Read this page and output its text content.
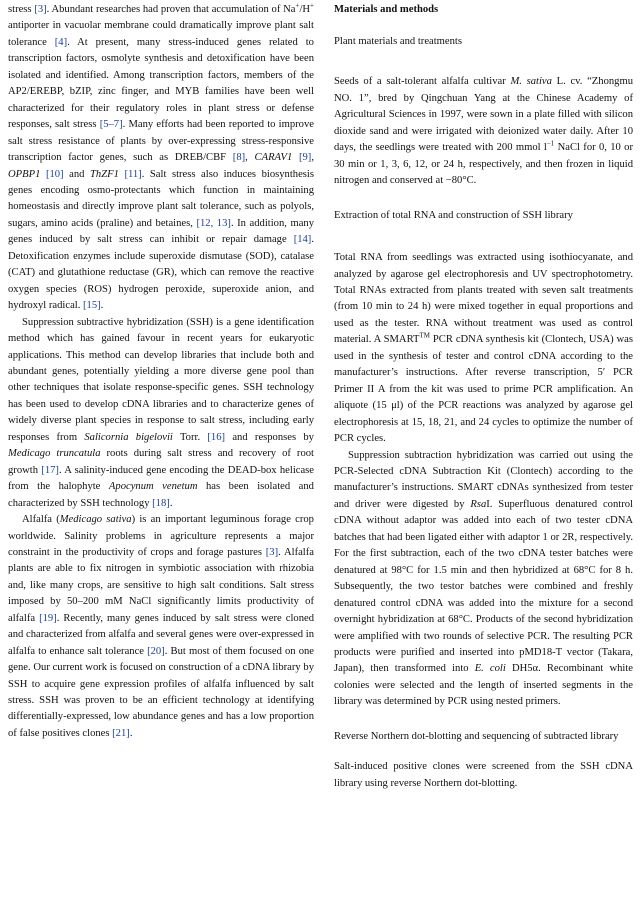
stress [3]. Abundant researches had proven that accumulation of Na+/H+ antiporter in vacuolar membrane could dramatically improve plant salt tolerance [4]. At present, many stress-induced genes related to transcription factors, osmolyte synthesis and detoxification have been isolated and identified. Among transcription factors, members of the AP2/EREBP, bZIP, zinc finger, and MYB families have been well characterized for their regulatory roles in plant stress or defense responses, salt stress [5–7]. Many efforts had been reported to improve salt stress resistance of plants by over-expressing stress-responsive transcription factor genes, such as DREB/CBF [8], CARAV1 [9], OPBP1 [10] and ThZF1 [11]. Salt stress also induces biosynthesis genes encoding osmo-protectants which function in maintaining homeostasis and directly improve plant salt tolerance, such as polyols, sugars, amino acids (praline) and betaines, [12, 13]. In addition, many genes induced by salt stress can inhibit or repair damage [14]. Detoxification enzymes include superoxide dismutase (SOD), catalase (CAT) and glutathione reductase (GR), which can remove the reactive oxygen species (ROS) hydrogen peroxide, superoxide anion, and hydroxyl radical. [15].

Suppression subtractive hybridization (SSH) is a gene identification method which has gained favour in recent years for eukaryotic applications. This method can develop libraries that include both and abundant genes, potentially yielding a more diverse gene pool than other techniques that isolate response-specific genes. SSH technology has been used to develop cDNA libraries and to characterize genes of widely diverse plant species in response to salt stress, including early responses from Salicornia bigelovii Torr. [16] and responses by Medicago truncatula roots during salt stress and recovery of root growth [17]. A salinity-induced gene encoding the DEAD-box helicase from the halophyte Apocynum venetum has been isolated and characterized by SSH technology [18].

Alfalfa (Medicago sativa) is an important leguminous forage crop worldwide. Salinity problems in agriculture represents a major constraint in the productivity of crops and forage pastures [3]. Alfalfa plants are able to fix nitrogen in symbiotic association with rhizobia and, like many crops, are sensitive to high salt conditions. Salt stress imposed by 50–200 mM NaCl significantly limits productivity of alfalfa [19]. Recently, many genes induced by salt stress were cloned and characterized from alfalfa and several genes were over-expressed in alfalfa to enhance salt tolerance [20]. But most of them focused on one gene. Our current work is focused on construction of a cDNA library by SSH to acquire gene expression profiles of alfalfa influenced by salt stress. SSH was proven to be an efficient technology at identifying differentially-expressed, low abundance genes and has a low proportion of false positives clones [21].

Materials and methods
Plant materials and treatments

Seeds of a salt-tolerant alfalfa cultivar M. sativa L. cv. “Zhongmu NO. 1”, bred by Qingchuan Yang at the Chinese Academy of Agricultural Sciences in 1997, were sown in a plate filled with silicon dioxide sand and were irrigated with deionized water daily. After 10 days, the seedlings were treated with 200 mmol $l^{-1}$ NaCl for 0, 10 or 30 min or 1, 3, 6, 12, or 24 h, respectively, and then frozen in liquid nitrogen and conserved at −80°C.

Extraction of total RNA and construction of SSH library

Total RNA from seedlings was extracted using isothiocyanate, and analyzed by agarose gel electrophoresis and UV spectrophotometry. Total RNAs extracted from plants treated with seven salt treatments (from 10 min to 24 h) were mixed together in equal proportions and used as the tester. RNA without treatment was used as control material. A SMART™ PCR cDNA synthesis kit (Clontech, USA) was used in the synthesis of tester and control cDNA according to the manufacturer’s instructions. After reverse transcription, 5′ PCR Primer II A from the kit was used to prime PCR amplification. An aliquote (15 μl) of the PCR reactions was analyzed by agarose gel electrophoresis at 15, 18, 21, and 24 cycles to optimize the number of PCR cycles.

Suppression subtraction hybridization was carried out using the PCR-Selected cDNA Subtraction Kit (Clontech) according to the manufacturer’s instructions. SMART cDNAs synthesized from tester and driver were digested by RsaI. Superfluous denatured control cDNA without adaptor was added into each of two tester cDNA batches that had been ligated either with adaptor 1 or 2R, respectively. For the first subtraction, each of the two cDNA tester batches were denatured at 98°C for 1.5 min and then hybridized at 68°C for 8 h. Subsequently, the two testor batches were combined and freshly denatured control cDNA was added into the mixture for a second overnight hybridization at 68°C. Products of the second hybridization were amplified with two rounds of selective PCR. The resulting PCR products were purified and inserted into pMD18-T vector (Takara, Japan), then transformed into E. coli DH5α. Recombinant white colonies were selected and the length of inserted segments in the library was determined by PCR using nested primers.

Reverse Northern dot-blotting and sequencing of subtracted library

Salt-induced positive clones were screened from the SSH cDNA library using reverse Northern dot-blotting.
